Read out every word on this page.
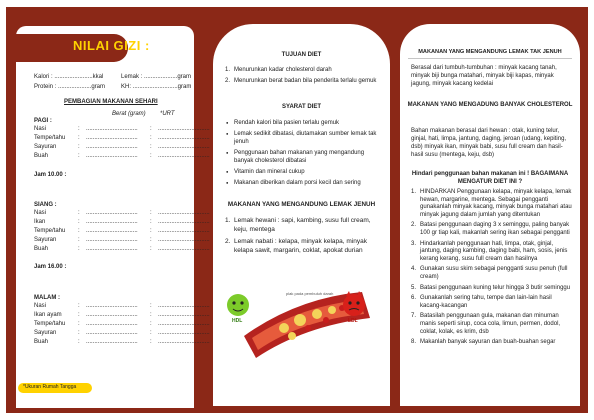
NILAI GIZI :
Kalori : .......................kkal	Lemak : ....................gram
Protein : ....................gram	KH: ...........................gram
PEMBAGIAN MAKANAN SEHARI
Berat (gram) *URT
PAGI :
Nasi	: ............................... : ...............................
Tempe/tahu : ............................... : ...............................
Sayuran	: ............................... : ...............................
Buah	: ............................... : ...............................
Jam 10.00 :
SIANG :
Nasi	: ............................... : ...............................
Ikan	: ............................... : ...............................
Tempe/tahu : ............................... : ...............................
Sayuran	: ............................... : ...............................
Buah	: ............................... : ...............................
Jam 16.00 :
MALAM :
Nasi	: ............................... : ...............................
Ikan ayam	: ............................... : ...............................
Tempe/tahu : ............................... : ...............................
Sayuran	: ............................... : ...............................
Buah	: ............................... : ...............................
*Ukuran Rumah Tangga
TUJUAN DIET
1. Menurunkan kadar cholesterol darah
2. Menurunkan berat badan bila penderita terlalu gemuk
SYARAT DIET
● Rendah kalori bila pasien terlalu gemuk
● Lemak sedikit dibatasi, diutamakan sumber lemak tak jenuh
● Penggunaan bahan makanan yang mengandung banyak cholesterol dibatasi
● Vitamin dan mineral cukup
● Makanan diberikan dalam porsi kecil dan sering
MAKANAN YANG MENGANDUNG LEMAK JENUH
1. Lemak hewani : sapi, kambing, susu full cream, keju, mentega
2. Lemak nabati : kelapa, minyak kelapa, minyak kelapa sawit, margarin, coklat, apokat durian
plak pada pembuluh darah
HDL	LDL
MAKANAN YANG MENGANDUNG LEMAK TAK JENUH
Berasal dari tumbuh-tumbuhan : minyak kacang tanah, minyak biji bunga matahari, minyak biji kapas, minyak jagung, minyak kacang kedelai
MAKANAN YANG MENGADUNG BANYAK CHOLESTEROL
Bahan makanan berasal dari hewan : otak, kuning telur, ginjal, hati, limpa, jantung, daging, jeroan (udang, kepiting, dsb) minyak ikan, minyak babi, susu full cream dan hasil-hasil susu (mentega, keju, dsb)
Hindari penggunaan bahan makanan ini ! BAGAIMANA MENGATUR DIET INI ?
1. HINDARKAN Penggunaan kelapa, minyak kelapa, lemak hewan, margarine, mentega. Sebagai pengganti gunakanlah minyak kacang, minyak bunga matahari atau minyak jagung dalam jumlah yang ditentukan
2. Batasi penggunaan daging 3 x seminggu, paling banyak 100 gr tiap kali, makanlah sering ikan sebagai pengganti
3. Hindarkanlah penggunaan hati, limpa, otak, ginjal, jantung, daging kambing, daging babi, ham, sosis, jenis kerang kerang, susu full cream dan hasilnya
4. Gunakan susu skim sebagai pengganti susu penuh (full cream)
5. Batasi penggunaan kuning telur hingga 3 butir seminggu
6. Gunakanlah sering tahu, tempe dan lain-lain hasil kacang-kacangan
7. Batasilah penggunaan gula, makanan dan minuman manis seperti sirup, coca cola, limun, permen, dodol, coklat, kolak, es krim, dsb
8. Makanlah banyak sayuran dan buah-buahan segar
